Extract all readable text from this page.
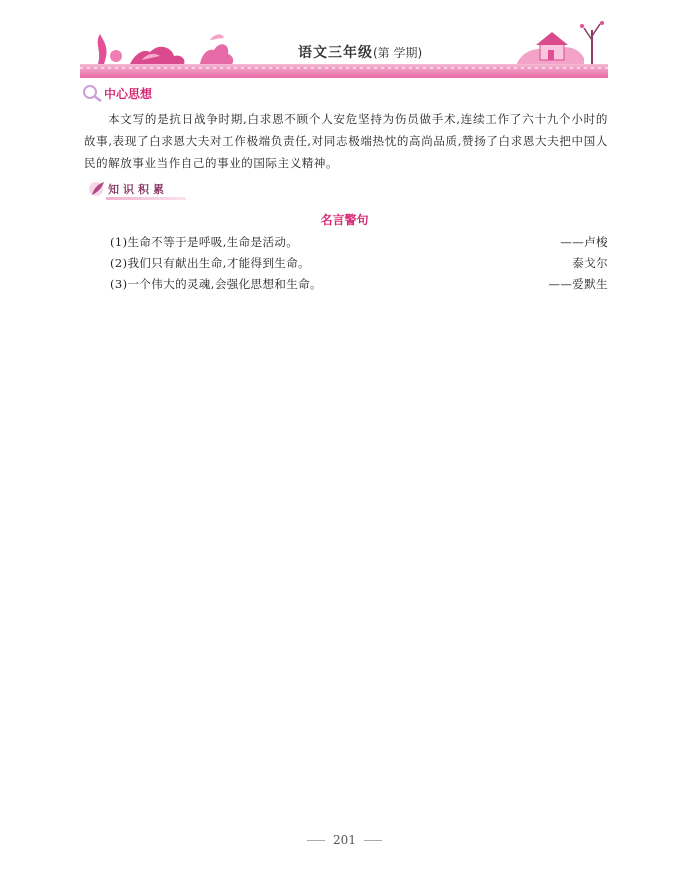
语文三年级(第 学期)
中心思想
本文写的是抗日战争时期,白求恩不顾个人安危坚持为伤员做手术,连续工作了六十九个小时的故事,表现了白求恩大夫对工作极端负责任,对同志极端热忱的高尚品质,赞扬了白求恩大夫把中国人民的解放事业当作自己的事业的国际主义精神。
知识积累
名言警句
(1)生命不等于是呼吸,生命是活动。	——卢梭
(2)我们只有献出生命,才能得到生命。	泰戈尔
(3)一个伟大的灵魂,会强化思想和生命。	——爱默生
201
